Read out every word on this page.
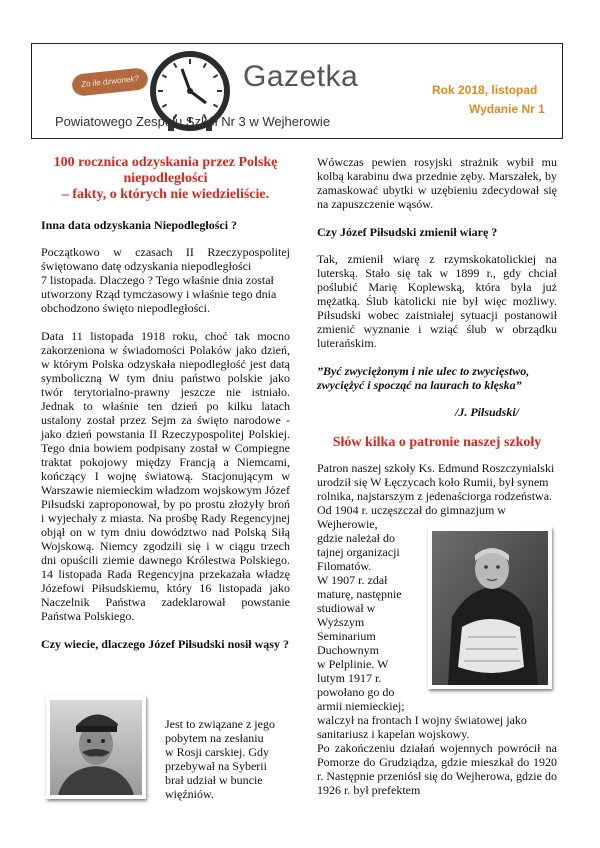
Zo ile dzwonek?	Gazetka
Powiatowego Zespołu Szkół Nr 3 w Wejherowie
Rok 2018, listopad
Wydanie Nr 1
100 rocznica odzyskania przez Polskę
niepodległości
– fakty, o których nie wiedzieliście.

Inna data odzyskania Niepodległości ?

Początkowo w czasach II Rzeczypospolitej
świętowano datę odzyskania niepodległości
7 listopada. Dlaczego ? Tego właśnie dnia został
utworzony Rząd tymczasowy i właśnie tego dnia
obchodzono święto niepodległości.

Data 11 listopada 1918 roku, choć tak mocno zakorzeniona w świadomości Polaków jako dzień, w którym Polska odzyskała niepodległość jest datą symboliczną W tym dniu państwo polskie jako twór terytorialno-prawny jeszcze nie istniało. Jednak to właśnie ten dzień po kilku latach ustalony został przez Sejm za święto narodowe - jako dzień powstania II Rzeczypospolitej Polskiej. Tego dnia bowiem podpisany został w Compiegne traktat pokojowy między Francją a Niemcami, kończący I wojnę światową. Stacjonującym w Warszawie niemieckim władzom wojskowym Józef Piłsudski zaproponował, by po prostu złożyły broń i wyjechały z miasta. Na prośbę Rady Regencyjnej objął on w tym dniu dowództwo nad Polską Siłą Wojskową. Niemcy zgodzili się i w ciągu trzech dni opuścili ziemie dawnego Królestwa Polskiego. 14 listopada Rada Regencyjna przekazała władzę Józefowi Piłsudskiemu, który 16 listopada jako Naczelnik Państwa zadeklarował powstanie Państwa Polskiego.

Czy wiecie, dlaczego Józef Piłsudski nosił wąsy ?

Jest to związane z jego
pobytem na zesłaniu
w Rosji carskiej. Gdy
przebywał na Syberii
brał udział w buncie
więźniów.

Wówczas pewien rosyjski strażnik wybił mu kolbą karabinu dwa przednie zęby. Marszałek, by zamaskować ubytki w uzębieniu zdecydował się na zapuszczenie wąsów.

Czy Józef Piłsudski zmienił wiarę ?

Tak, zmienił wiarę z rzymskokatolickiej na luterską. Stało się tak w 1899 r., gdy chciał poślubić Marię Koplewską, która była już mężatką. Ślub katolicki nie był więc możliwy. Piłsudski wobec zaistniałej sytuacji postanowił zmienić wyznanie i wziąć ślub w obrządku luterańskim.

”Być zwyciężonym i nie ulec to zwycięstwo, zwyciężyć i spocząć na laurach to klęska”

/J. Piłsudski/

Słów kilka o patronie naszej szkoły
Patron naszej szkoły Ks. Edmund Roszczynialski
urodził się W Łęczycach koło Rumii, był synem
rolnika, najstarszym z jedenaściorga rodzeństwa.
Od 1904 r. uczęszczał do gimnazjum w
Wejherowie,
gdzie należał do
tajnej organizacji
Filomatów.
W 1907 r. zdał
maturę, następnie
studiował w
Wyższym
Seminarium
Duchownym
w Pelplinie. W
lutym 1917 r.
powołano go do
armii niemieckiej;
walczył na frontach I wojny światowej jako
sanitariusz i kapelan wojskowy.

Po zakończeniu działań wojennych powrócił na Pomorze do Grudziądza, gdzie mieszkał do 1920 r. Następnie przeniósł się do Wejherowa, gdzie do 1926 r. był prefektem
